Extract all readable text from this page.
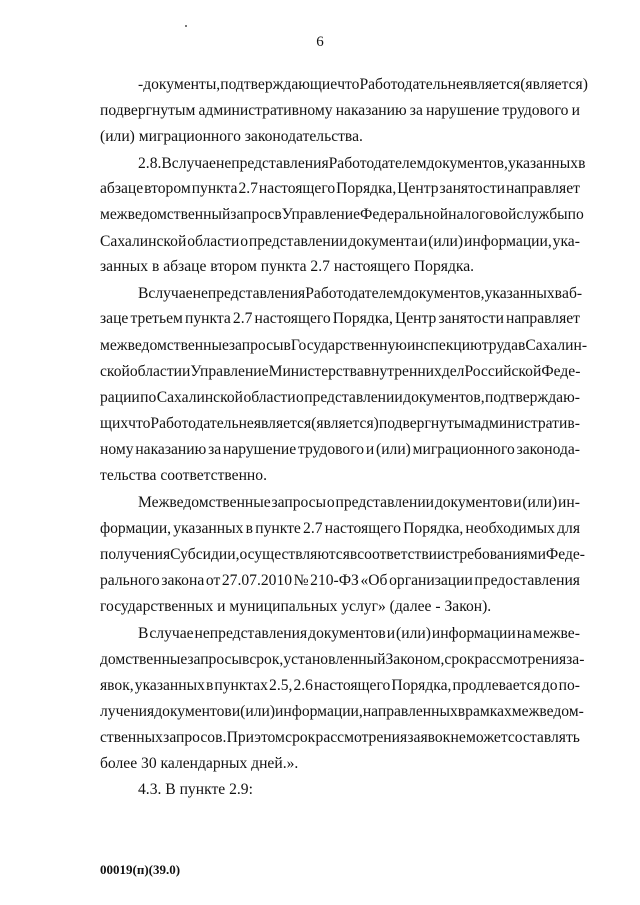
6
- документы, подтверждающие что Работодатель не является (является)
подвергнутым административному наказанию за нарушение трудового и
(или) миграционного законодательства.
2.8. В случае непредставления Работодателем документов, указанных в
абзаце втором пункта 2.7 настоящего Порядка, Центр занятости направляет
межведомственный запрос в Управление Федеральной налоговой службы по
Сахалинской области о представлении документа и (или) информации, ука-
занных в абзаце втором пункта 2.7 настоящего Порядка.
В случае непредставления Работодателем документов, указанных в аб-
заце третьем пункта 2.7 настоящего Порядка, Центр занятости направляет
межведомственные запросы в Государственную инспекцию труда в Сахалин-
ской области и Управление Министерства внутренних дел Российской Феде-
рации по Сахалинской области о представлении документов, подтверждаю-
щих что Работодатель не является (является) подвергнутым административ-
ному наказанию за нарушение трудового и (или) миграционного законода-
тельства соответственно.
Межведомственные запросы о представлении документов и (или) ин-
формации, указанных в пункте 2.7 настоящего Порядка, необходимых для
получения Субсидии, осуществляются в соответствии с требованиями Феде-
рального закона от 27.07.2010 № 210-ФЗ «Об организации предоставления
государственных и муниципальных услуг» (далее - Закон).
В случае непредставления документов и (или) информации на межве-
домственные запросы в срок, установленный Законом, срок рассмотрения за-
явок, указанных в пунктах 2.5, 2.6 настоящего Порядка, продлевается до по-
лучения документов и (или) информации, направленных в рамках межведом-
ственных запросов. При этом срок рассмотрения заявок не может составлять
более 30 календарных дней.».
4.3. В пункте 2.9:
00019(п)(39.0)
